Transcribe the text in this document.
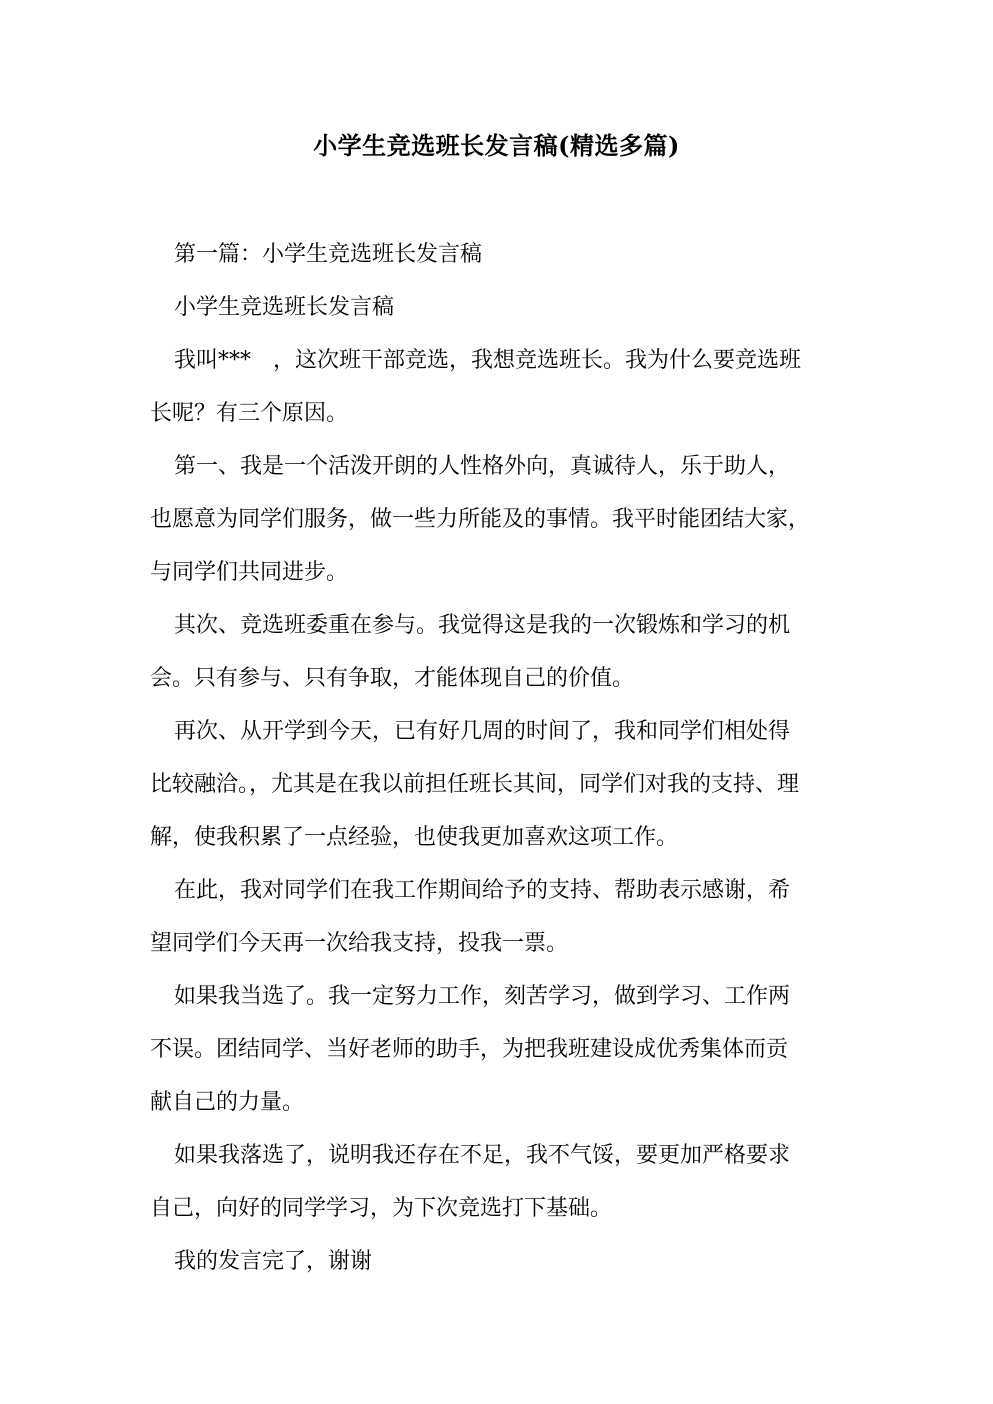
小学生竞选班长发言稿(精选多篇)

第一篇：小学生竞选班长发言稿

小学生竞选班长发言稿

我叫***　，这次班干部竞选，我想竞选班长。我为什么要竞选班
长呢？有三个原因。

第一、我是一个活泼开朗的人性格外向，真诚待人，乐于助人，
也愿意为同学们服务，做一些力所能及的事情。我平时能团结大家，
与同学们共同进步。

其次、竞选班委重在参与。我觉得这是我的一次锻炼和学习的机
会。只有参与、只有争取，才能体现自己的价值。

再次、从开学到今天，已有好几周的时间了，我和同学们相处得
比较融洽。，尤其是在我以前担任班长其间，同学们对我的支持、理
解，使我积累了一点经验，也使我更加喜欢这项工作。

在此，我对同学们在我工作期间给予的支持、帮助表示感谢，希
望同学们今天再一次给我支持，投我一票。

如果我当选了。我一定努力工作，刻苦学习，做到学习、工作两
不误。团结同学、当好老师的助手，为把我班建设成优秀集体而贡
献自己的力量。

如果我落选了，说明我还存在不足，我不气馁，要更加严格要求
自己，向好的同学学习，为下次竞选打下基础。

我的发言完了，谢谢
